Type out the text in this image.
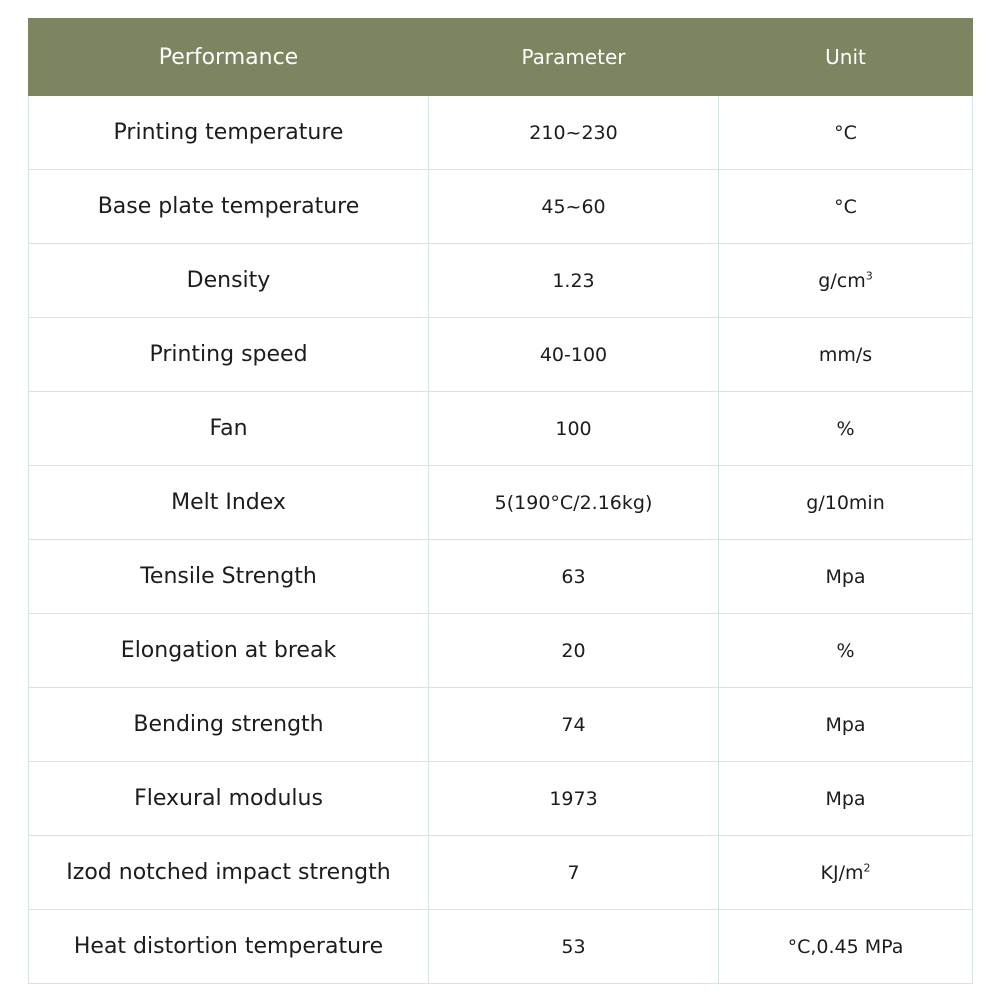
Performance	Parameter	Unit
Printing temperature	210~230	°C
Base plate temperature	45~60	°C
Density	1.23	$g/cm^3$
Printing speed	40-100	mm/s
Fan	100	%
Melt Index	5(190°C/2.16kg)	g/10min
Tensile Strength	63	Mpa
Elongation at break	20	%
Bending strength	74	Mpa
Flexural modulus	1973	Mpa
Izod notched impact strength	7	$KJ/m^2$
Heat distortion temperature	53	°C,0.45 MPa
